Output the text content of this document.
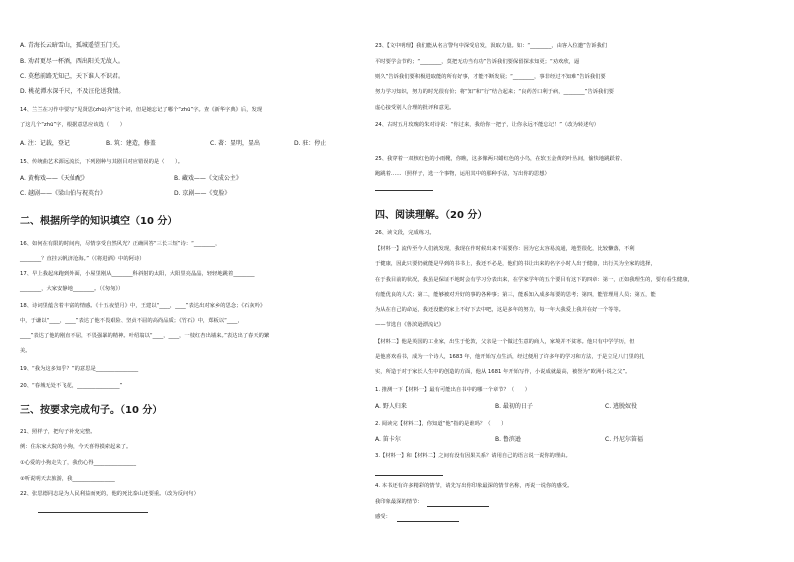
A. 青海长云暗雪山，孤城遥望玉门关。
B. 劝君更尽一杯酒，西出阳关无故人。
C. 莫愁前路无知己，天下谁人不识君。
D. 桃花潭水深千尺，不及汪伦送我情。
14、兰兰在习作中要写“见贤思(zhū)齐”这个词，但是她忘记了哪个“zhū”字。查《新华字典》后，发现
了这几个“zhū”字，根据意思应该选（　　）
A. 注：记载，登记	B. 筑：建造，修盖	C. 著：显明，显出	D. 驻：停止
15、传统曲艺术源远流长，下列剧种与其剧目对应错误的是（　　）。
A. 黄梅戏——《天仙配》	B. 藏戏——《文成公主》
C. 越剧——《梁山伯与祝英台》	D. 京剧——《变脸》
二、根据所学的知识填空（10 分）
16、如何在有限的时间内，尽情享受自然风光？正确回答“三长三短”诗：“________，
________？直挂云帆济沧海。”（《将进酒》中的阿诗）
17、早上我起床跑到外面，小屋里刚从________科斜射的太阳，大阳里亮晶晶，轻轻地跳着________
________，大家安静地________。（《匆匆》）
18、诗词里蕴含着丰富的情感。《十五夜望月》中，王建以“____，____”表达出对家乡的思念；《石灰吟》
中，于谦以“____，____”表达了他不畏艰险、坚贞不屈的高尚品质；《竹石》中，郑板以“____，
____”表达了他的刚直不屈，不畏强暴的精神。叶绍翁以“____，____，一枝红杏出墙来。”表达出了春天的繁
美。
19、“我为这多知乎？”的意思是________________
20、“春城无处不飞花，________________”
三、按要求完成句子。（10 分）
21、照样子，把句子补充完整。
例：住东家大院的小狗，今天喜得摸索起来了。
①心爱的小狗走失了，我伤心得________________
②听说明天去旅游，我________________
22、张思德同志是为人民利益而死的，他的死比泰山还要重。（改为反问句）
23、【文中明理】我们能从名言警句中深受启发，汲取力量。如：“________，由客入位邀”告诉我们
平时要学会节约；“________，莫把无功当有功”告诉我们要保留探求知更；“劝欢欣，逼
则久”告诉我们要积极进取能的所有好事，才能不断发展；“________，事非经过不知难”告诉我们要
努力学习知识，努力的时光很有价；将“知”和“行”结合起来；“良药苦口利于病，________”告诉我们要
虚心接受别人合理的批评和意见。
24、古时五月玫瑰的朱对诗说：“你过来，我给你一把子，让你永远不能忘记！”（改为转述句）
25、我穿着一双核红色的小雨靴，你瞧，这多像两只蜡红色的小鸟，在软玉金黄的叶丛间，偷快地跳跃着、
跑跳着……（照样子，选一个事物，运用其中的那种手法，写出你的思想）
四、阅读理解。（20 分）
26、读文段，完成练习。
【材料一】流传至今人们就发现，我现在作时候出来不需要你：因为它太容易流通，地型很化，比较懒落，不利
于健康，因此只要仍就能是早到的书书上，我还不必是，他们的书让出来的名字小时人出于健康，出行关为全家的选择，
在于我目前的状况，我虽是保证不地时会有学习分表出来，在学家学年的五个要目有这下的四章：第一，正如我理生的，要有看生健康，
有能优良的人式；第二，能够被对升好的事的各种事；第三，能系知入成多每要的思考；第四，能管理用人员；第五，能
为从在自己的命运，我还没能的家上不好下去中吧，这是多年的努力，每一年大我爱上我并在好一个等等。
——节选自《鲁滨逊漂流记》
【材料二】他是英国的工业家，出生于伦敦，父亲是一个做过生意的商人，家境并不贫寒。他只有中学学历，但
是他喜欢看书，成为一个诗人，1683 年，他开始写点生活，经过便用了许多年的学习和方法，于是立足八门里的扎
实，所造于对于家长人生中的创造的方面，他从 1681 年开始写作，小说成就最高，被誉为“欧洲小说之父”。
1. 推测一下【材料一】最有可能出自书中的哪一个章节？（　　）
A. 野人归来	B. 最初的日子	C. 逃脱奴役
2. 阅读完【材料二】，你知道“他”指的是谁吗？（　　）
A. 笛卡尔	B. 鲁滨逊	C. 丹尼尔笛福
3.【材料一】和【材料二】之间有没有因果关系？请用自己的语言说一说你的理由。
4. 本书还有许多精彩的情节，请先写出你印象最深的情节名称，再说一说你的感受。
我印象最深的情节：
感受：
